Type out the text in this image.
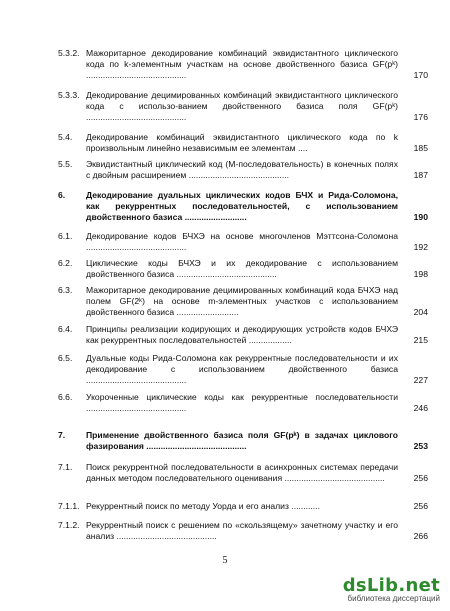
5.3.2. Мажоритарное декодирование комбинаций эквидистантного циклического кода по k-элементным участкам на основе двойственного базиса GF(pᵏ) ..........................................	170
5.3.3. Декодирование децимированных комбинаций эквидистантного циклического кода с использо-ванием двойственного базиса поля GF(pᵏ) ..........................................	176
5.4. Декодирование комбинаций эквидистантного циклического кода по k произвольным линейно независимым ее элементам ....	185
5.5. Эквидистантный циклический код (М-последовательность) в конечных полях с двойным расширением ..........................................	187
6. Декодирование дуальных циклических кодов БЧХ и Рида-Соломона, как рекуррентных последовательностей, с использованием двойственного базиса ..........................	190
6.1. Декодирование кодов БЧХЭ на основе многочленов Мэттсона-Соломона ..........................................	192
6.2. Циклические коды БЧХЭ и их декодирование с использованием двойственного базиса ..........................................	198
6.3. Мажоритарное декодирование децимированных комбинаций кода БЧХЭ над полем GF(2ᵏ) на основе m-элементных участков с использованием двойственного базиса ..........................	204
6.4. Принципы реализации кодирующих и декодирующих устройств кодов БЧХЭ как рекуррентных последовательностей ..................	215
6.5. Дуальные коды Рида-Соломона как рекуррентные последовательности и их декодирование с использованием двойственного базиса ..........................................	227
6.6. Укороченные циклические коды как рекуррентные последовательности ..........................................	246
7. Применение двойственного базиса поля GF(pᵏ) в задачах циклового фазирования ..........................................	253
7.1. Поиск рекуррентной последовательности в асинхронных системах передачи данных методом последовательного оценивания ..........................................	256
7.1.1. Рекуррентный поиск по методу Уорда и его анализ ............	256
7.1.2. Рекуррентный поиск с решением по «скользящему» зачетному участку и его анализ ..........................................	266
5
dsLib.net
библиотека диссертаций
